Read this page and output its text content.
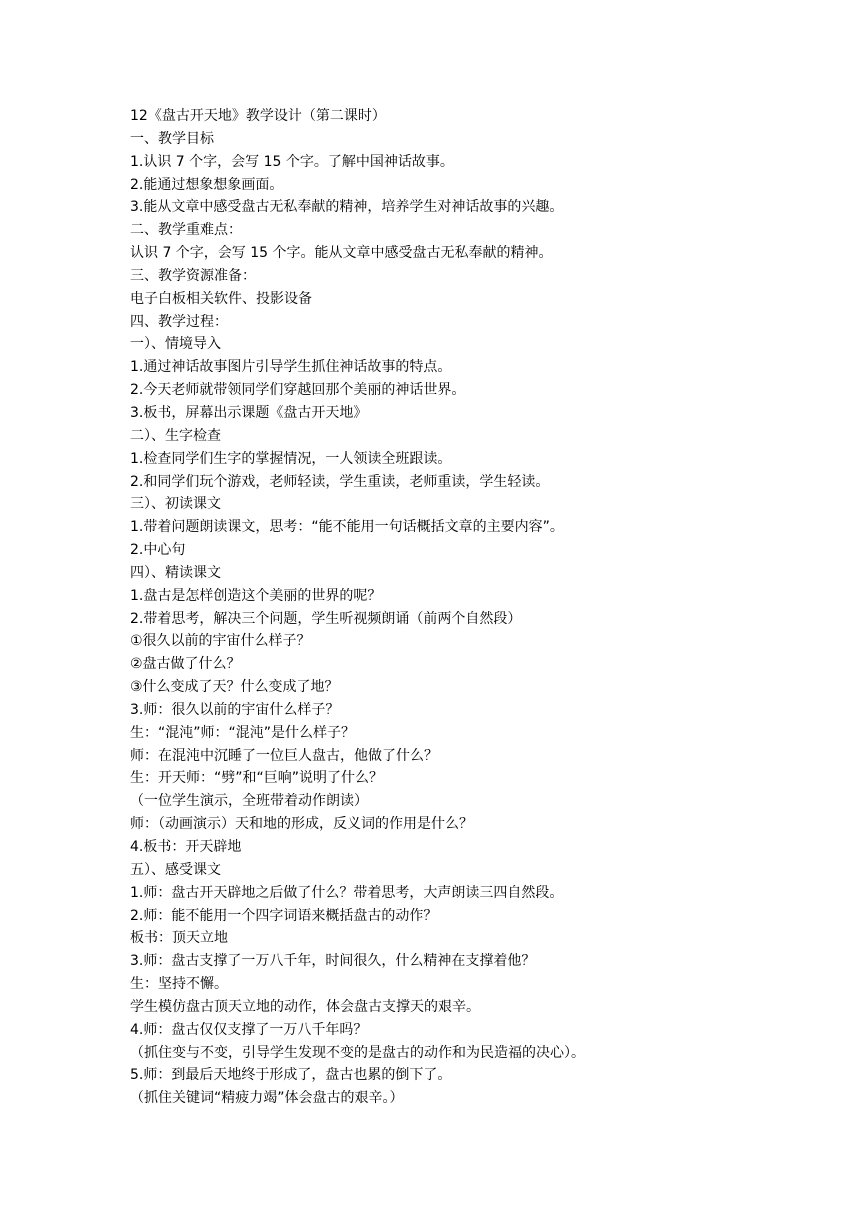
12《盘古开天地》教学设计（第二课时）
一、教学目标
1.认识 7 个字，会写 15 个字。了解中国神话故事。
2.能通过想象想象画面。
3.能从文章中感受盘古无私奉献的精神，培养学生对神话故事的兴趣。
二、教学重难点：
认识 7 个字，会写 15 个字。能从文章中感受盘古无私奉献的精神。
三、教学资源准备：
电子白板相关软件、投影设备
四、教学过程：
一）、情境导入
1.通过神话故事图片引导学生抓住神话故事的特点。
2.今天老师就带领同学们穿越回那个美丽的神话世界。
3.板书，屏幕出示课题《盘古开天地》
二）、生字检查
1.检查同学们生字的掌握情况，一人领读全班跟读。
2.和同学们玩个游戏，老师轻读，学生重读，老师重读，学生轻读。
三）、初读课文
1.带着问题朗读课文，思考：“能不能用一句话概括文章的主要内容”。
2.中心句
四）、精读课文
1.盘古是怎样创造这个美丽的世界的呢？
2.带着思考，解决三个问题，学生听视频朗诵（前两个自然段）
①很久以前的宇宙什么样子？
②盘古做了什么？
③什么变成了天？什么变成了地？
3.师：很久以前的宇宙什么样子？
生：“混沌”师：“混沌”是什么样子？
师：在混沌中沉睡了一位巨人盘古，他做了什么？
生：开天师：“劈”和“巨响”说明了什么？
（一位学生演示，全班带着动作朗读）
师：（动画演示）天和地的形成，反义词的作用是什么？
4.板书：开天辟地
五）、感受课文
1.师：盘古开天辟地之后做了什么？带着思考，大声朗读三四自然段。
2.师：能不能用一个四字词语来概括盘古的动作？
板书：顶天立地
3.师：盘古支撑了一万八千年，时间很久，什么精神在支撑着他？
生：坚持不懈。
学生模仿盘古顶天立地的动作，体会盘古支撑天的艰辛。
4.师：盘古仅仅支撑了一万八千年吗？
（抓住变与不变，引导学生发现不变的是盘古的动作和为民造福的决心）。
5.师：到最后天地终于形成了，盘古也累的倒下了。
（抓住关键词“精疲力竭”体会盘古的艰辛。）
